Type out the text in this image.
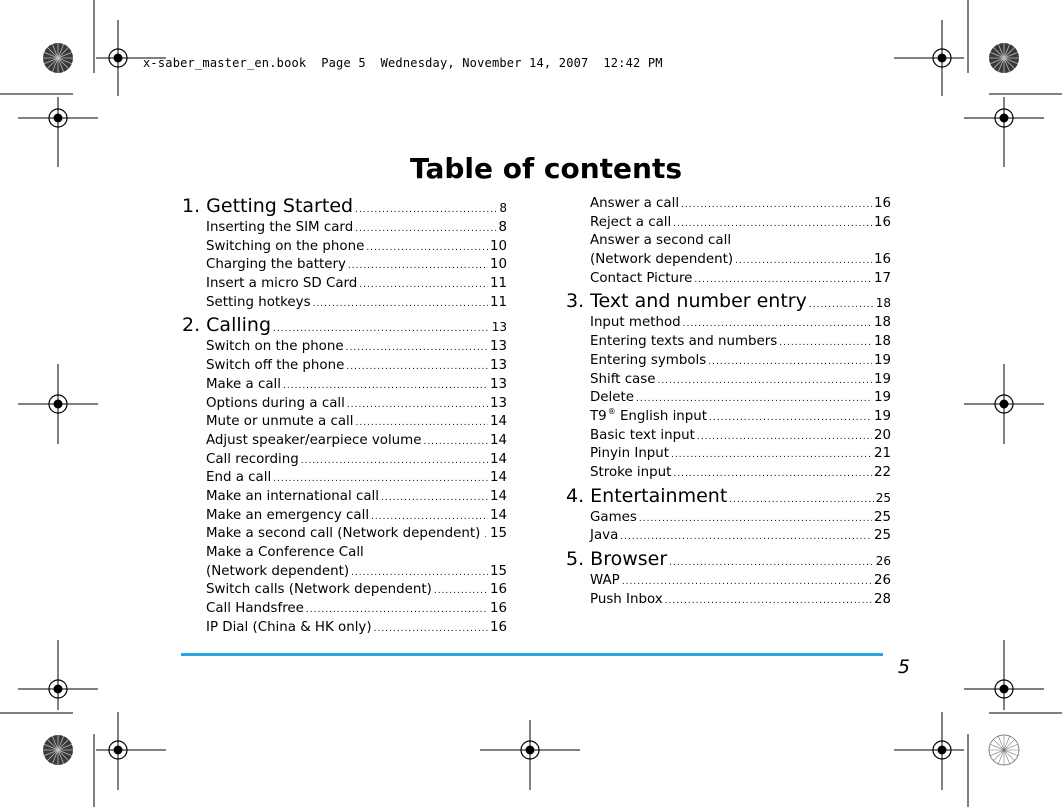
x-saber_master_en.book  Page 5  Wednesday, November 14, 2007  12:42 PM
Table of contents
1. Getting Started .....	8
Inserting the SIM card .....	8
Switching on the phone .....	10
Charging the battery .....	10
Insert a micro SD Card .....	11
Setting hotkeys .....	11
2. Calling .....	13
Switch on the phone .....	13
Switch off the phone .....	13
Make a call .....	13
Options during a call .....	13
Mute or unmute a call .....	14
Adjust speaker/earpiece volume .....	14
Call recording .....	14
End a call .....	14
Make an international call .....	14
Make an emergency call .....	14
Make a second call (Network dependent) ..... 15
Make a Conference Call
(Network dependent) .....	15
Switch calls (Network dependent) .....	16
Call Handsfree .....	16
IP Dial (China & HK only) .....	16
Answer a call .....	16
Reject a call .....	16
Answer a second call
(Network dependent) .....	16
Contact Picture .....	17
3. Text and number entry .....	18
Input method .....	18
Entering texts and numbers .....	18
Entering symbols .....	19
Shift case .....	19
Delete .....	19
T9® English input .....	19
Basic text input .....	20
Pinyin Input .....	21
Stroke input .....	22
4. Entertainment .....	25
Games .....	25
Java .....	25
5. Browser .....	26
WAP .....	26
Push Inbox .....	28
5
